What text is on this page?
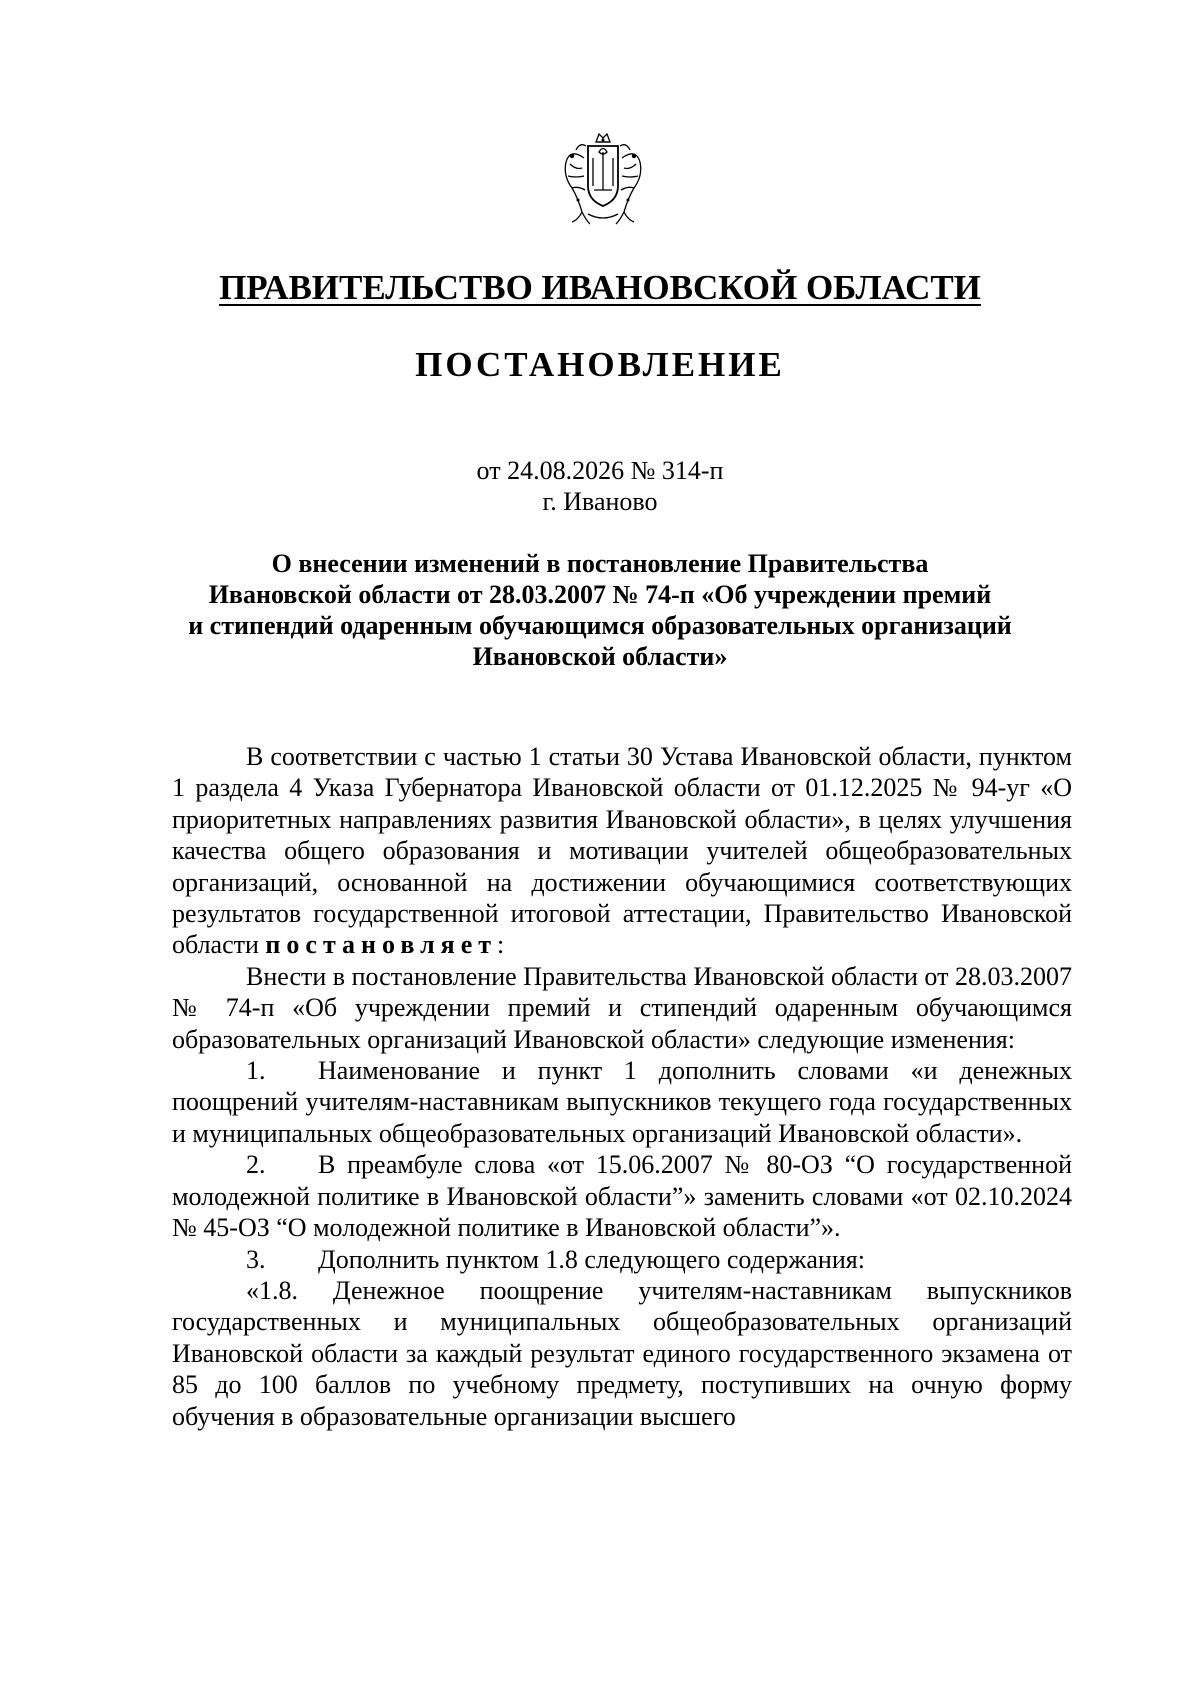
ПРАВИТЕЛЬСТВО ИВАНОВСКОЙ ОБЛАСТИ
ПОСТАНОВЛЕНИЕ
от 24.08.2026 № 314-п
г. Иваново
О внесении изменений в постановление Правительства
Ивановской области от 28.03.2007 № 74-п «Об учреждении премий
и стипендий одаренным обучающимся образовательных организаций
Ивановской области»

В соответствии с частью 1 статьи 30 Устава Ивановской области, пунктом 1 раздела 4 Указа Губернатора Ивановской области от 01.12.2025 № 94-уг «О приоритетных направлениях развития Ивановской области», в целях улучшения качества общего образования и мотивации учителей общеобразовательных организаций, основанной на достижении обучающимися соответствующих результатов государственной итоговой аттестации, Правительство Ивановской области постановляет:

Внести в постановление Правительства Ивановской области от 28.03.2007 № 74-п «Об учреждении премий и стипендий одаренным обучающимся образовательных организаций Ивановской области» следующие изменения:

1. Наименование и пункт 1 дополнить словами «и денежных поощрений учителям-наставникам выпускников текущего года государственных и муниципальных общеобразовательных организаций Ивановской области».

2. В преамбуле слова «от 15.06.2007 № 80-ОЗ “О государственной молодежной политике в Ивановской области”» заменить словами «от 02.10.2024 № 45-ОЗ “О молодежной политике в Ивановской области”».

3. Дополнить пунктом 1.8 следующего содержания:

«1.8. Денежное поощрение учителям-наставникам выпускников государственных и муниципальных общеобразовательных организаций Ивановской области за каждый результат единого государственного экзамена от 85 до 100 баллов по учебному предмету, поступивших на очную форму обучения в образовательные организации высшего
